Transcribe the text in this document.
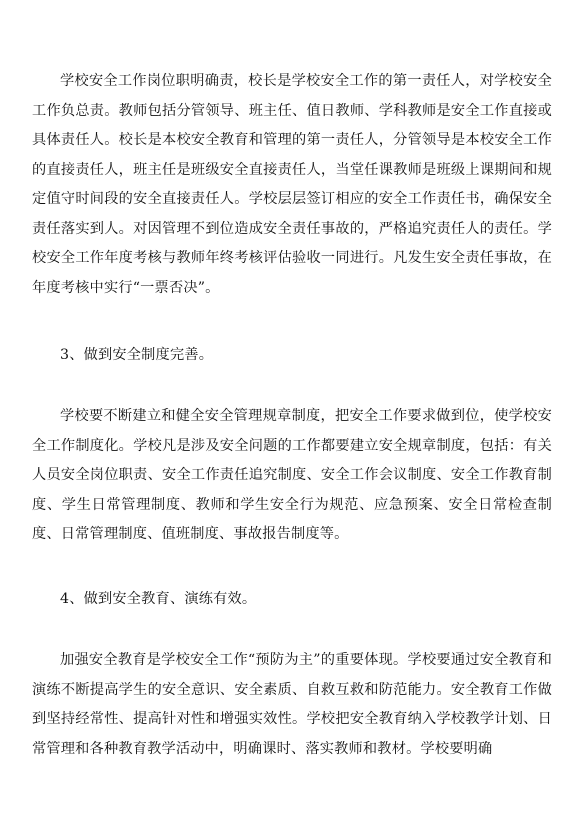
学校安全工作岗位职明确责，校长是学校安全工作的第一责任人，对学校安全工作负总责。教师包括分管领导、班主任、值日教师、学科教师是安全工作直接或具体责任人。校长是本校安全教育和管理的第一责任人，分管领导是本校安全工作的直接责任人，班主任是班级安全直接责任人，当堂任课教师是班级上课期间和规定值守时间段的安全直接责任人。学校层层签订相应的安全工作责任书，确保安全责任落实到人。对因管理不到位造成安全责任事故的，严格追究责任人的责任。学校安全工作年度考核与教师年终考核评估验收一同进行。凡发生安全责任事故，在年度考核中实行“一票否决”。

3、做到安全制度完善。

学校要不断建立和健全安全管理规章制度，把安全工作要求做到位，使学校安全工作制度化。学校凡是涉及安全问题的工作都要建立安全规章制度，包括：有关人员安全岗位职责、安全工作责任追究制度、安全工作会议制度、安全工作教育制度、学生日常管理制度、教师和学生安全行为规范、应急预案、安全日常检查制度、日常管理制度、值班制度、事故报告制度等。

4、做到安全教育、演练有效。

加强安全教育是学校安全工作“预防为主”的重要体现。学校要通过安全教育和演练不断提高学生的安全意识、安全素质、自救互救和防范能力。安全教育工作做到坚持经常性、提高针对性和增强实效性。学校把安全教育纳入学校教学计划、日常管理和各种教育教学活动中，明确课时、落实教师和教材。学校要明确
